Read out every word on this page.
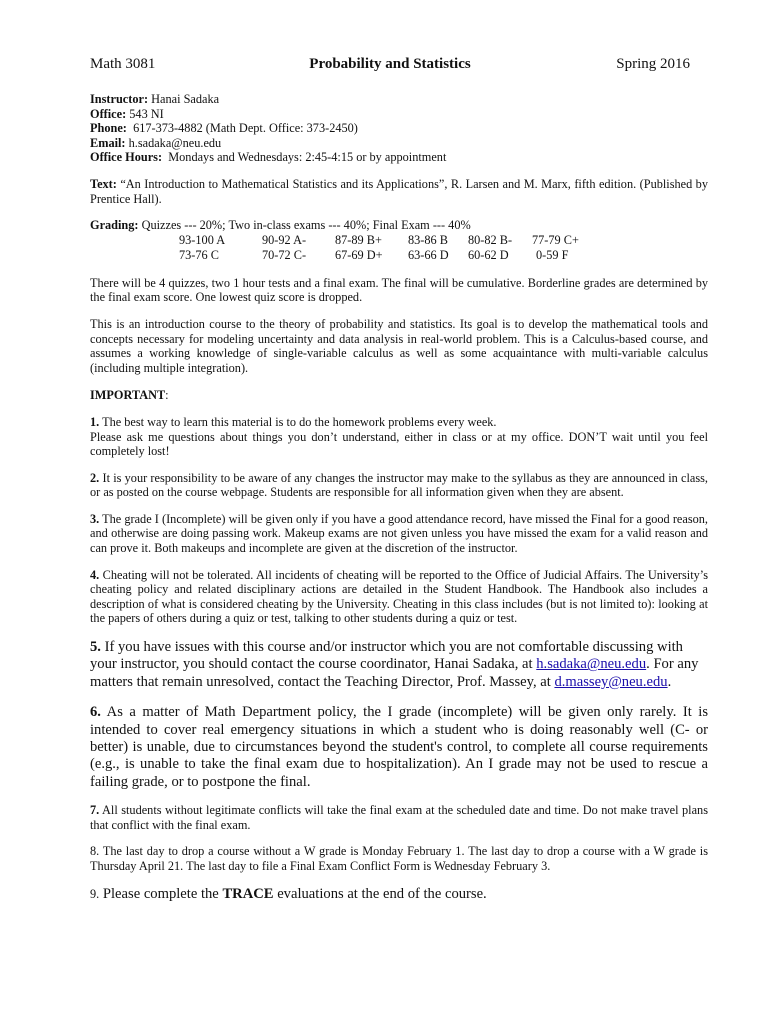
Math 3081	Probability and Statistics	Spring 2016

Instructor: Hanai Sadaka

Office: 543 NI

Phone: 617-373-4882 (Math Dept. Office: 373-2450)

Email: h.sadaka@neu.edu

Office Hours: Mondays and Wednesdays: 2:45-4:15 or by appointment

Text: “An Introduction to Mathematical Statistics and its Applications”, R. Larsen and M. Marx, fifth edition. (Published by Prentice Hall).

Grading: Quizzes --- 20%; Two in-class exams --- 40%; Final Exam --- 40%

93-100 A	90-92 A- 87-89 B+ 83-86 B 80-82 B- 77-79 C+
73-76 C	70-72 C- 67-69 D+ 63-66 D 60-62 D 0-59 F

There will be 4 quizzes, two 1 hour tests and a final exam. The final will be cumulative. Borderline grades are determined by the final exam score. One lowest quiz score is dropped.

This is an introduction course to the theory of probability and statistics. Its goal is to develop the mathematical tools and concepts necessary for modeling uncertainty and data analysis in real-world problem. This is a Calculus-based course, and assumes a working knowledge of single-variable calculus as well as some acquaintance with multi-variable calculus (including multiple integration).

IMPORTANT:

1. The best way to learn this material is to do the homework problems every week.

Please ask me questions about things you don’t understand, either in class or at my office. DON’T wait until you feel completely lost!

2. It is your responsibility to be aware of any changes the instructor may make to the syllabus as they are announced in class, or as posted on the course webpage. Students are responsible for all information given when they are absent.

3. The grade I (Incomplete) will be given only if you have a good attendance record, have missed the Final for a good reason, and otherwise are doing passing work. Makeup exams are not given unless you have missed the exam for a valid reason and can prove it. Both makeups and incomplete are given at the discretion of the instructor.

4. Cheating will not be tolerated. All incidents of cheating will be reported to the Office of Judicial Affairs. The University’s cheating policy and related disciplinary actions are detailed in the Student Handbook. The Handbook also includes a description of what is considered cheating by the University. Cheating in this class includes (but is not limited to): looking at the papers of others during a quiz or test, talking to other students during a quiz or test.

5. If you have issues with this course and/or instructor which you are not comfortable discussing with your instructor, you should contact the course coordinator, Hanai Sadaka, at h.sadaka@neu.edu. For any matters that remain unresolved, contact the Teaching Director, Prof. Massey, at d.massey@neu.edu.

6. As a matter of Math Department policy, the I grade (incomplete) will be given only rarely. It is intended to cover real emergency situations in which a student who is doing reasonably well (C- or better) is unable, due to circumstances beyond the student's control, to complete all course requirements (e.g., is unable to take the final exam due to hospitalization). An I grade may not be used to rescue a failing grade, or to postpone the final.

7. All students without legitimate conflicts will take the final exam at the scheduled date and time. Do not make travel plans that conflict with the final exam.

8. The last day to drop a course without a W grade is Monday February 1. The last day to drop a course with a W grade is Thursday April 21. The last day to file a Final Exam Conflict Form is Wednesday February 3.

9. Please complete the TRACE evaluations at the end of the course.
